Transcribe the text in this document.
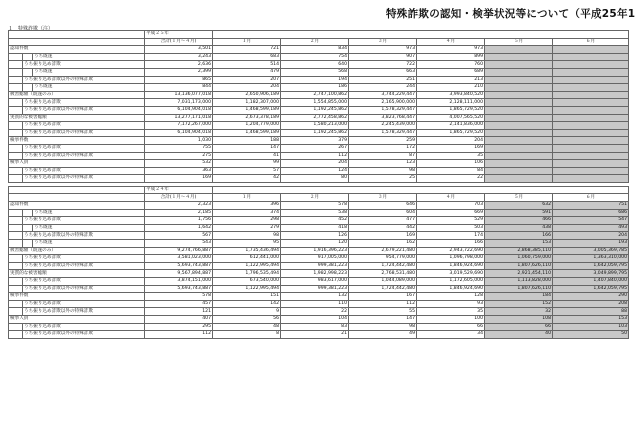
特殊詐欺の認知・検挙状況等について（平成25年1
１　特殊詐欺（注）
			平成２５年						
			合計(１月～４月)	１月	２月	３月	４月	５月	６月
認知件数			3,501	721	834	973	973		
		うち既遂	3,243	683	754	907	899		
	うち振り込め詐欺		2,636	514	640	722	760		
		うち既遂	2,399	479	568	663	689		
	うち振り込め詐欺以外の特殊詐欺		865	207	194	251	213		
		うち既遂	844	204	186	244	210		
被害総額（既遂のみ）			13,136,077,018	2,650,906,189	2,747,100,862	3,744,229,447	3,993,840,520		
	うち振り込め詐欺		7,031,173,000	1,182,307,000	1,554,855,000	2,165,900,000	2,128,111,000		
	うち振り込め詐欺以外の特殊詐欺		6,104,904,018	1,468,599,189	1,192,245,862	1,578,329,447	1,865,729,520		
実質的な被害総額			13,277,171,018	2,673,378,189	2,772,458,862	3,823,768,447	4,007,565,520		
	うち振り込め詐欺		7,172,267,000	1,204,779,000	1,580,213,000	2,245,439,000	2,141,836,000		
	うち振り込め詐欺以外の特殊詐欺		6,104,904,018	1,468,599,189	1,192,245,862	1,578,329,447	1,865,729,520		
検挙件数			1,030	188	379	259	204		
	うち振り込め詐欺		755	147	267	172	169		
	うち振り込め詐欺以外の特殊詐欺		275	41	112	87	35		
検挙人員			532	99	204	123	106		
	うち振り込め詐欺		363	57	124	98	84		
	うち振り込め詐欺以外の特殊詐欺		169	42	80	25	22		

			平成２４年						
			合計(１月～４月)	１月	２月	３月	４月	５月	６月
認知件数			2,323	396	578	646	703	632	751
		うち既遂	2,185	374	538	604	669	591	686
	うち振り込め詐欺		1,756	298	452	477	529	466	547
		うち既遂	1,642	279	418	442	503	438	493
	うち振り込め詐欺以外の特殊詐欺		567	98	126	169	174	166	204
		うち既遂	543	95	120	162	166	153	193
被害総額（既遂のみ）			9,274,766,887	1,735,436,494	1,916,396,223	2,679,221,480	2,943,722,690	2,868,385,110	3,005,369,785
	うち振り込め詐欺		3,581,023,000	612,441,000	917,005,000	954,779,000	1,096,798,000	1,060,759,000	1,363,310,000
	うち振り込め詐欺以外の特殊詐欺		5,693,743,887	1,122,995,494	999,381,223	1,724,442,480	1,846,924,690	1,807,626,110	1,642,059,795
実質的な被害総額			9,567,894,887	1,796,535,494	1,982,998,223	2,768,531,480	3,019,529,690	2,921,454,110	3,049,899,795
	うち振り込め詐欺		3,874,151,000	673,540,000	983,617,000	1,044,089,000	1,172,605,000	1,113,828,000	1,407,840,000
	うち振り込め詐欺以外の特殊詐欺		5,693,743,887	1,122,995,494	999,381,223	1,724,442,480	1,846,924,690	1,807,626,110	1,642,059,795
検挙件数			578	151	132	167	128	184	290
	うち振り込め詐欺		457	142	110	112	93	152	208
	うち振り込め詐欺以外の特殊詐欺		121	9	22	55	35	32	88
検挙人員			407	56	104	147	100	108	153
	うち振り込め詐欺		295	48	83	98	66	66	103
	うち振り込め詐欺以外の特殊詐欺		112	8	21	49	34	40	50
